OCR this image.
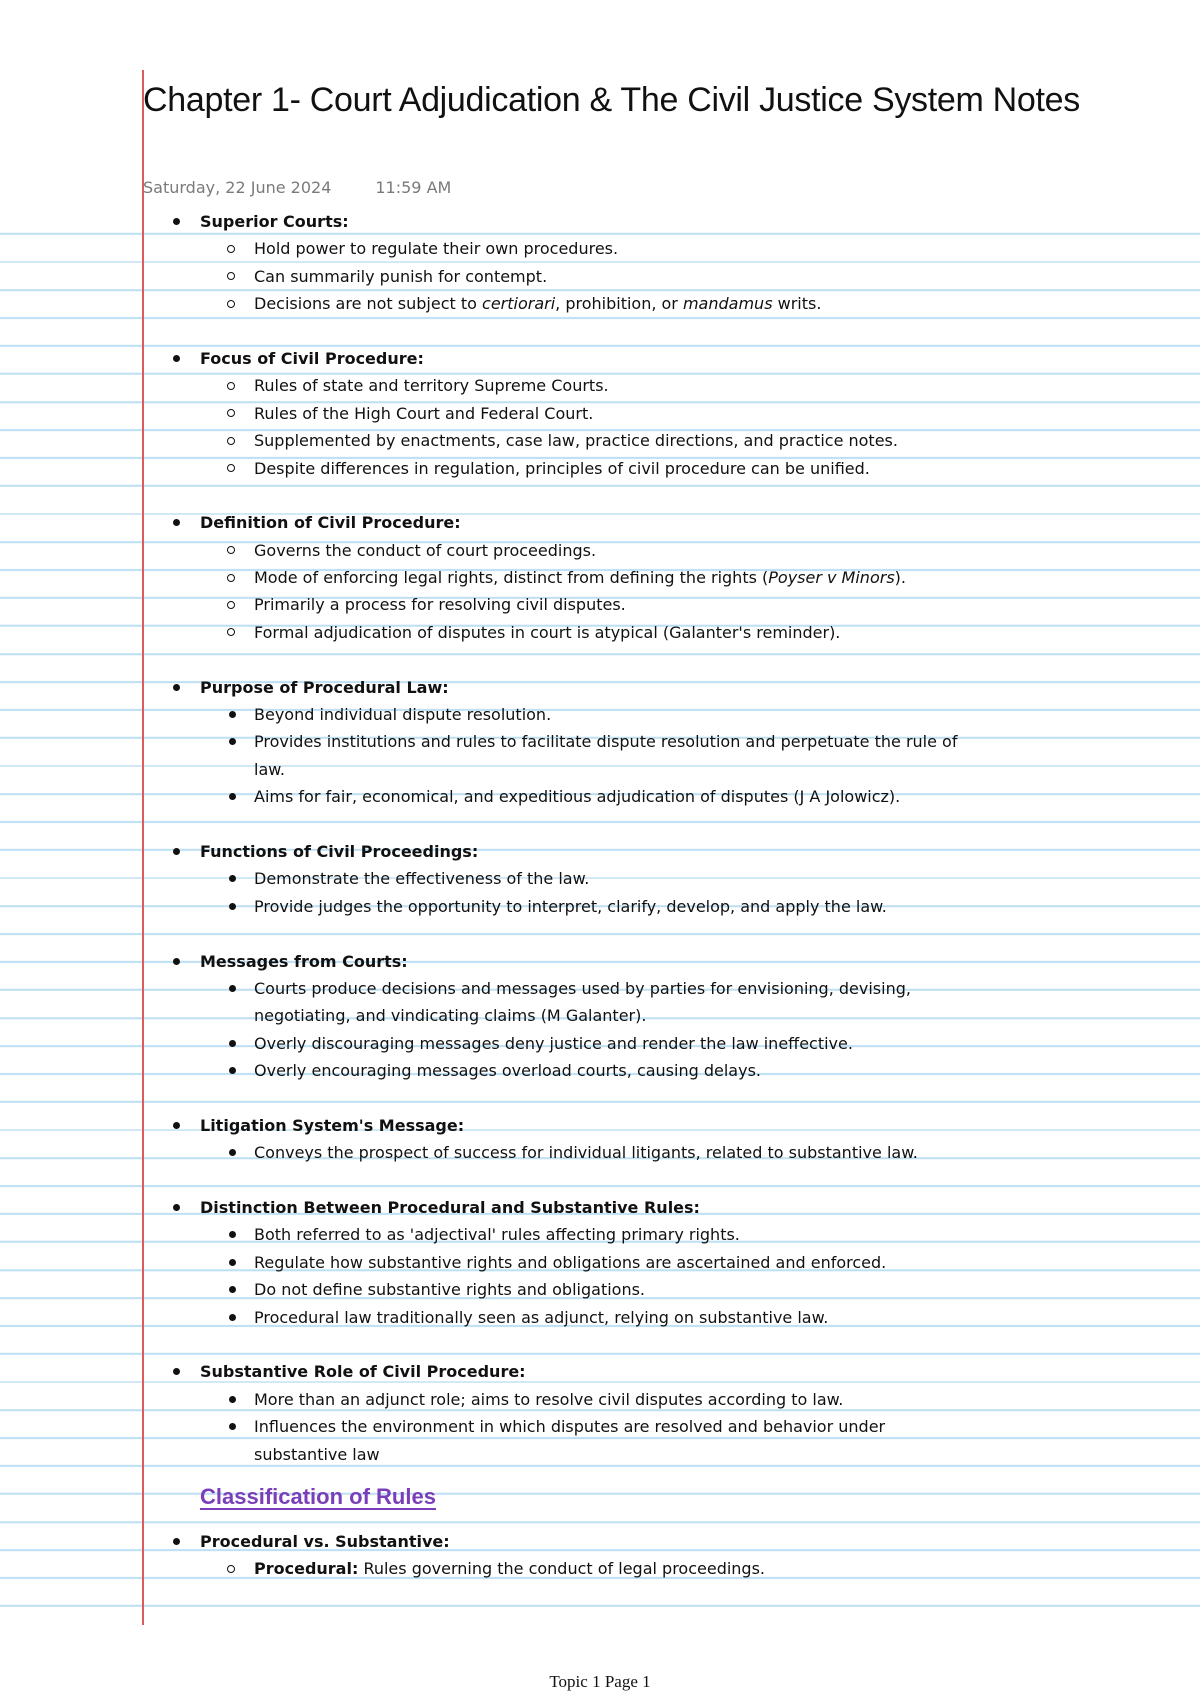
Chapter 1- Court Adjudication & The Civil Justice System Notes
Saturday, 22 June 2024	11:59 AM
Superior Courts:
Hold power to regulate their own procedures.
Can summarily punish for contempt.
Decisions are not subject to certiorari, prohibition, or mandamus writs.
Focus of Civil Procedure:
Rules of state and territory Supreme Courts.
Rules of the High Court and Federal Court.
Supplemented by enactments, case law, practice directions, and practice notes.
Despite differences in regulation, principles of civil procedure can be unified.
Definition of Civil Procedure:
Governs the conduct of court proceedings.
Mode of enforcing legal rights, distinct from defining the rights (Poyser v Minors).
Primarily a process for resolving civil disputes.
Formal adjudication of disputes in court is atypical (Galanter's reminder).
Purpose of Procedural Law:
Beyond individual dispute resolution.
Provides institutions and rules to facilitate dispute resolution and perpetuate the rule of
law.
Aims for fair, economical, and expeditious adjudication of disputes (J A Jolowicz).
Functions of Civil Proceedings:
Demonstrate the effectiveness of the law.
Provide judges the opportunity to interpret, clarify, develop, and apply the law.
Messages from Courts:
Courts produce decisions and messages used by parties for envisioning, devising,
negotiating, and vindicating claims (M Galanter).
Overly discouraging messages deny justice and render the law ineffective.
Overly encouraging messages overload courts, causing delays.
Litigation System's Message:
Conveys the prospect of success for individual litigants, related to substantive law.
Distinction Between Procedural and Substantive Rules:
Both referred to as 'adjectival' rules affecting primary rights.
Regulate how substantive rights and obligations are ascertained and enforced.
Do not define substantive rights and obligations.
Procedural law traditionally seen as adjunct, relying on substantive law.
Substantive Role of Civil Procedure:
More than an adjunct role; aims to resolve civil disputes according to law.
Influences the environment in which disputes are resolved and behavior under
substantive law
Classification of Rules
Procedural vs. Substantive:
Procedural: Rules governing the conduct of legal proceedings.
Topic 1 Page 1
